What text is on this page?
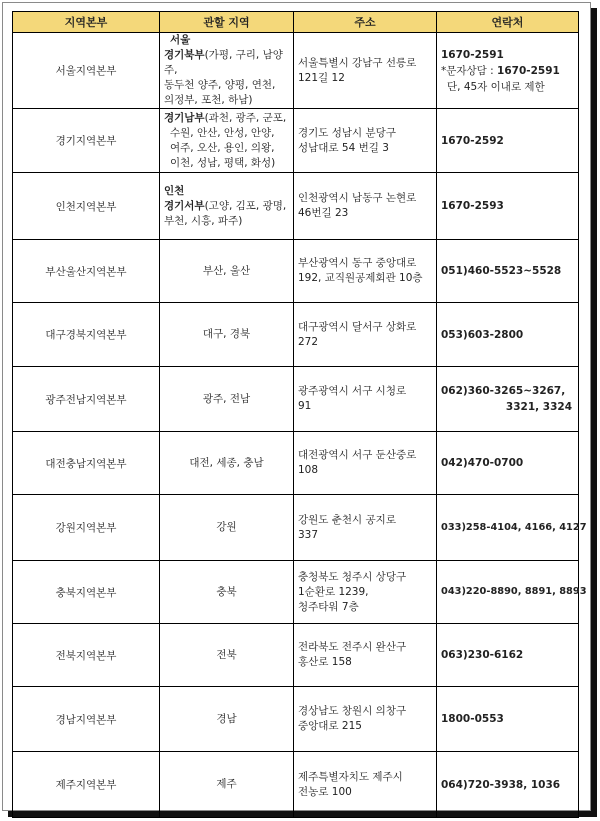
지역본부	관할 지역	주소	연락처
서울지역본부	서울
경기북부(가평, 구리, 남양주,
동두천 양주, 양평, 연천,
의정부, 포천, 하남)	서울특별시 강남구 선릉로
121길 12	1670-2591
*문자상담 : 1670-2591

단, 45자 이내로 제한

경기지역본부	경기남부(과천, 광주, 군포,

수원, 안산, 안성, 안양,
여주, 오산, 용인, 의왕,
이천, 성남, 평택, 화성)	경기도 성남시 분당구
성남대로 54 번길 3	1670-2592
인천지역본부	인천
경기서부(고양, 김포, 광명,
부천, 시흥, 파주)	인천광역시 남동구 논현로
46번길 23	1670-2593
부산울산지역본부	부산, 울산	부산광역시 동구 중앙대로
192, 교직원공제회관 10층	051)460-5523~5528
대구경북지역본부	대구, 경북	대구광역시 달서구 상화로
272	053)603-2800
광주전남지역본부	광주, 전남	광주광역시 서구 시청로
91	062)360-3265~3267,

3321, 3324

대전충남지역본부	대전, 세종, 충남	대전광역시 서구 둔산중로
108	042)470-0700
강원지역본부	강원	강원도 춘천시 공지로
337	033)258-4104, 4166, 4127
충북지역본부	충북	충청북도 청주시 상당구
1순환로 1239,
청주타워 7층	043)220-8890, 8891, 8893
전북지역본부	전북	전라북도 전주시 완산구
홍산로 158	063)230-6162
경남지역본부	경남	경상남도 창원시 의창구
중앙대로 215	1800-0553
제주지역본부	제주	제주특별자치도 제주시
전농로 100	064)720-3938, 1036
